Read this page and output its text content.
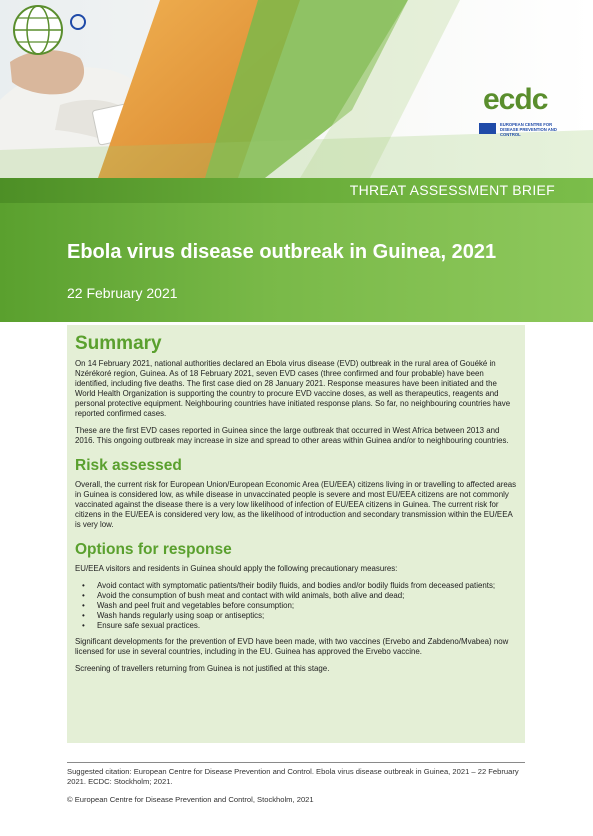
ecdc
EUROPEAN CENTRE FOR DISEASE PREVENTION AND CONTROL
THREAT ASSESSMENT BRIEF
Ebola virus disease outbreak in Guinea, 2021
22 February 2021
Summary

On 14 February 2021, national authorities declared an Ebola virus disease (EVD) outbreak in the rural area of Gouéké in Nzérékoré region, Guinea. As of 18 February 2021, seven EVD cases (three confirmed and four probable) have been identified, including five deaths. The first case died on 28 January 2021. Response measures have been initiated and the World Health Organization is supporting the country to procure EVD vaccine doses, as well as therapeutics, reagents and personal protective equipment. Neighbouring countries have initiated response plans. So far, no neighbouring countries have reported confirmed cases.

These are the first EVD cases reported in Guinea since the large outbreak that occurred in West Africa between 2013 and 2016. This ongoing outbreak may increase in size and spread to other areas within Guinea and/or to neighbouring countries.

Risk assessed

Overall, the current risk for European Union/European Economic Area (EU/EEA) citizens living in or travelling to affected areas in Guinea is considered low, as while disease in unvaccinated people is severe and most EU/EEA citizens are not commonly vaccinated against the disease there is a very low likelihood of infection of EU/EEA citizens in Guinea. The current risk for citizens in the EU/EEA is considered very low, as the likelihood of introduction and secondary transmission within the EU/EEA is very low.

Options for response

EU/EEA visitors and residents in Guinea should apply the following precautionary measures:

• Avoid contact with symptomatic patients/their bodily fluids, and bodies and/or bodily fluids from deceased patients;
• Avoid the consumption of bush meat and contact with wild animals, both alive and dead;
• Wash and peel fruit and vegetables before consumption;
• Wash hands regularly using soap or antiseptics;
• Ensure safe sexual practices.

Significant developments for the prevention of EVD have been made, with two vaccines (Ervebo and Zabdeno/Mvabea) now licensed for use in several countries, including in the EU. Guinea has approved the Ervebo vaccine.

Screening of travellers returning from Guinea is not justified at this stage.

Suggested citation: European Centre for Disease Prevention and Control. Ebola virus disease outbreak in Guinea, 2021 – 22 February 2021. ECDC: Stockholm; 2021.

© European Centre for Disease Prevention and Control, Stockholm, 2021
